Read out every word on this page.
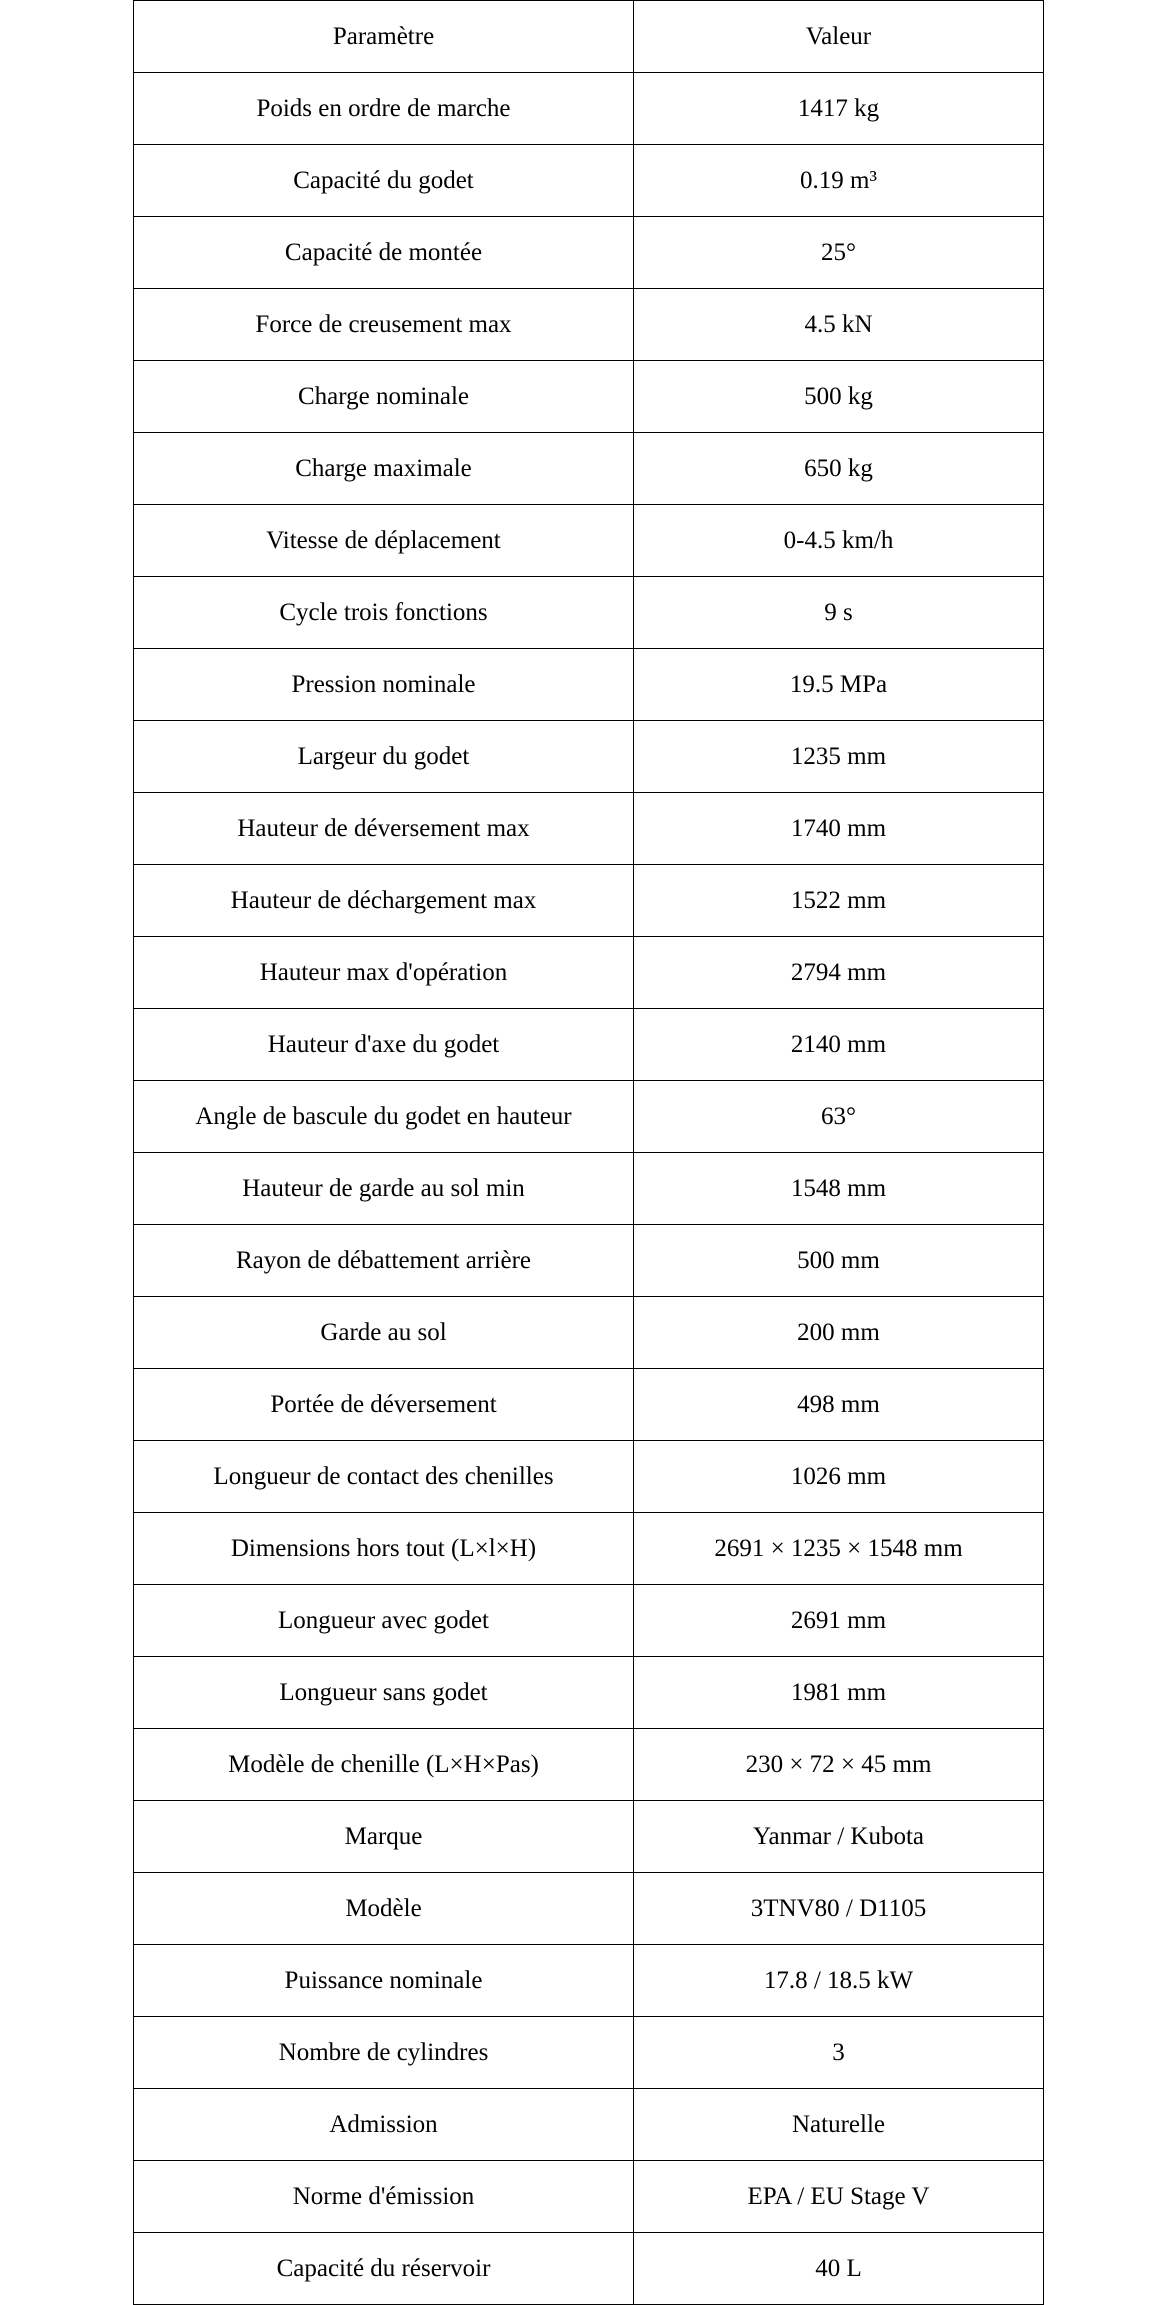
Paramètre	Valeur
Poids en ordre de marche	1417 kg
Capacité du godet	0.19 m³
Capacité de montée	25°
Force de creusement max	4.5 kN
Charge nominale	500 kg
Charge maximale	650 kg
Vitesse de déplacement	0-4.5 km/h
Cycle trois fonctions	9 s
Pression nominale	19.5 MPa
Largeur du godet	1235 mm
Hauteur de déversement max	1740 mm
Hauteur de déchargement max	1522 mm
Hauteur max d'opération	2794 mm
Hauteur d'axe du godet	2140 mm
Angle de bascule du godet en hauteur	63°
Hauteur de garde au sol min	1548 mm
Rayon de débattement arrière	500 mm
Garde au sol	200 mm
Portée de déversement	498 mm
Longueur de contact des chenilles	1026 mm
Dimensions hors tout (L×l×H)	2691 × 1235 × 1548 mm
Longueur avec godet	2691 mm
Longueur sans godet	1981 mm
Modèle de chenille (L×H×Pas)	230 × 72 × 45 mm
Marque	Yanmar / Kubota
Modèle	3TNV80 / D1105
Puissance nominale	17.8 / 18.5 kW
Nombre de cylindres	3
Admission	Naturelle
Norme d'émission	EPA / EU Stage V
Capacité du réservoir	40 L
